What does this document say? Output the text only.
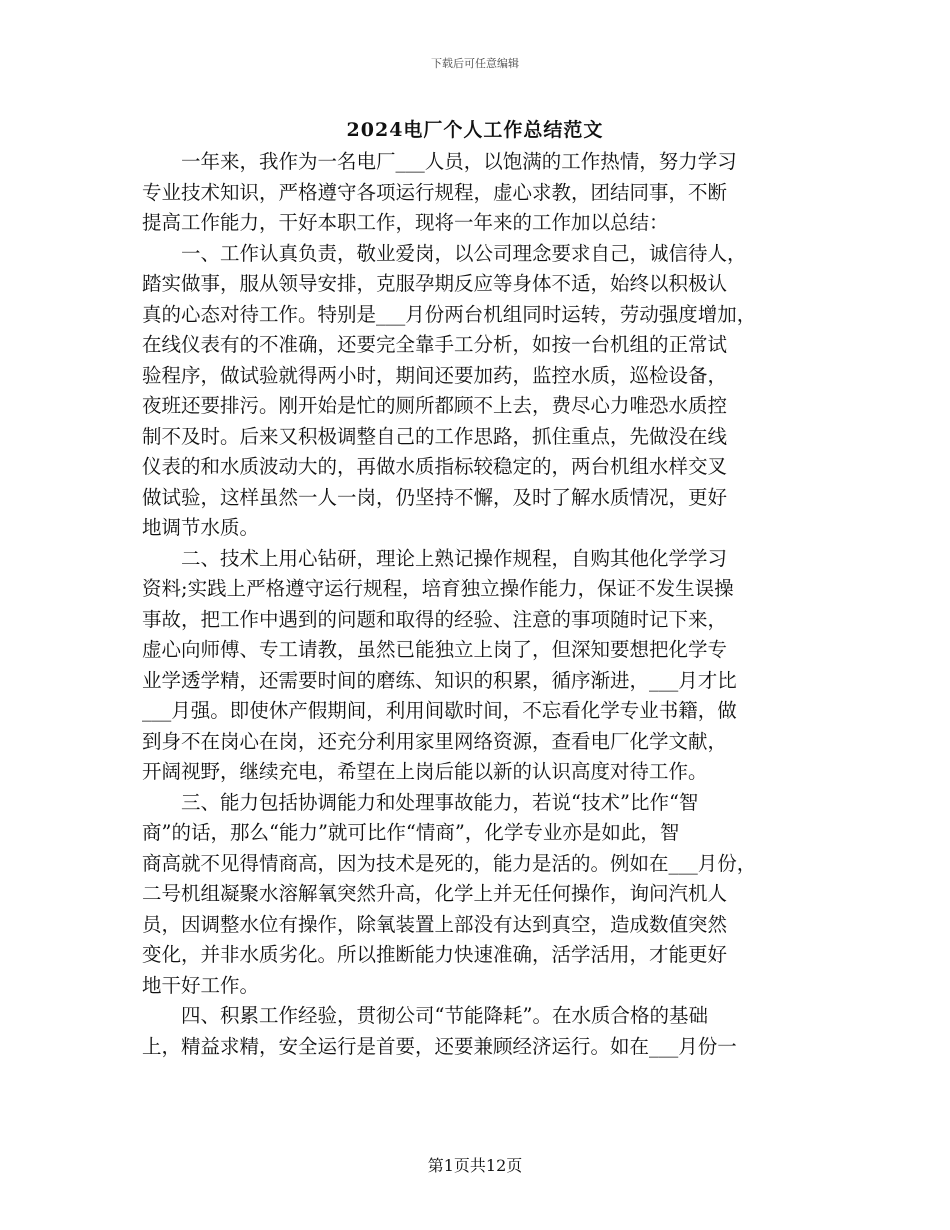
下载后可任意编辑
2024电厂个人工作总结范文
　　一年来，我作为一名电厂___人员，以饱满的工作热情，努力学习
专业技术知识，严格遵守各项运行规程，虚心求教，团结同事，不断
提高工作能力，干好本职工作，现将一年来的工作加以总结：
　　一、工作认真负责，敬业爱岗，以公司理念要求自己，诚信待人，
踏实做事，服从领导安排，克服孕期反应等身体不适，始终以积极认
真的心态对待工作。特别是___月份两台机组同时运转，劳动强度增加，
在线仪表有的不准确，还要完全靠手工分析，如按一台机组的正常试
验程序，做试验就得两小时，期间还要加药，监控水质，巡检设备，
夜班还要排污。刚开始是忙的厕所都顾不上去，费尽心力唯恐水质控
制不及时。后来又积极调整自己的工作思路，抓住重点，先做没在线
仪表的和水质波动大的，再做水质指标较稳定的，两台机组水样交叉
做试验，这样虽然一人一岗，仍坚持不懈，及时了解水质情况，更好
地调节水质。
　　二、技术上用心钻研，理论上熟记操作规程，自购其他化学学习
资料;实践上严格遵守运行规程，培育独立操作能力，保证不发生误操
事故，把工作中遇到的问题和取得的经验、注意的事项随时记下来，
虚心向师傅、专工请教，虽然已能独立上岗了，但深知要想把化学专
业学透学精，还需要时间的磨练、知识的积累，循序渐进，___月才比
___月强。即使休产假期间，利用间歇时间，不忘看化学专业书籍，做
到身不在岗心在岗，还充分利用家里网络资源，查看电厂化学文献，
开阔视野，继续充电，希望在上岗后能以新的认识高度对待工作。
　　三、能力包括协调能力和处理事故能力，若说“技术”比作“智
商”的话，那么“能力”就可比作“情商”，化学专业亦是如此，智
商高就不见得情商高，因为技术是死的，能力是活的。例如在___月份，
二号机组凝聚水溶解氧突然升高，化学上并无任何操作，询问汽机人
员，因调整水位有操作，除氧装置上部没有达到真空，造成数值突然
变化，并非水质劣化。所以推断能力快速准确，活学活用，才能更好
地干好工作。
　　四、积累工作经验，贯彻公司“节能降耗”。在水质合格的基础
上，精益求精，安全运行是首要，还要兼顾经济运行。如在___月份一
第1页共12页
